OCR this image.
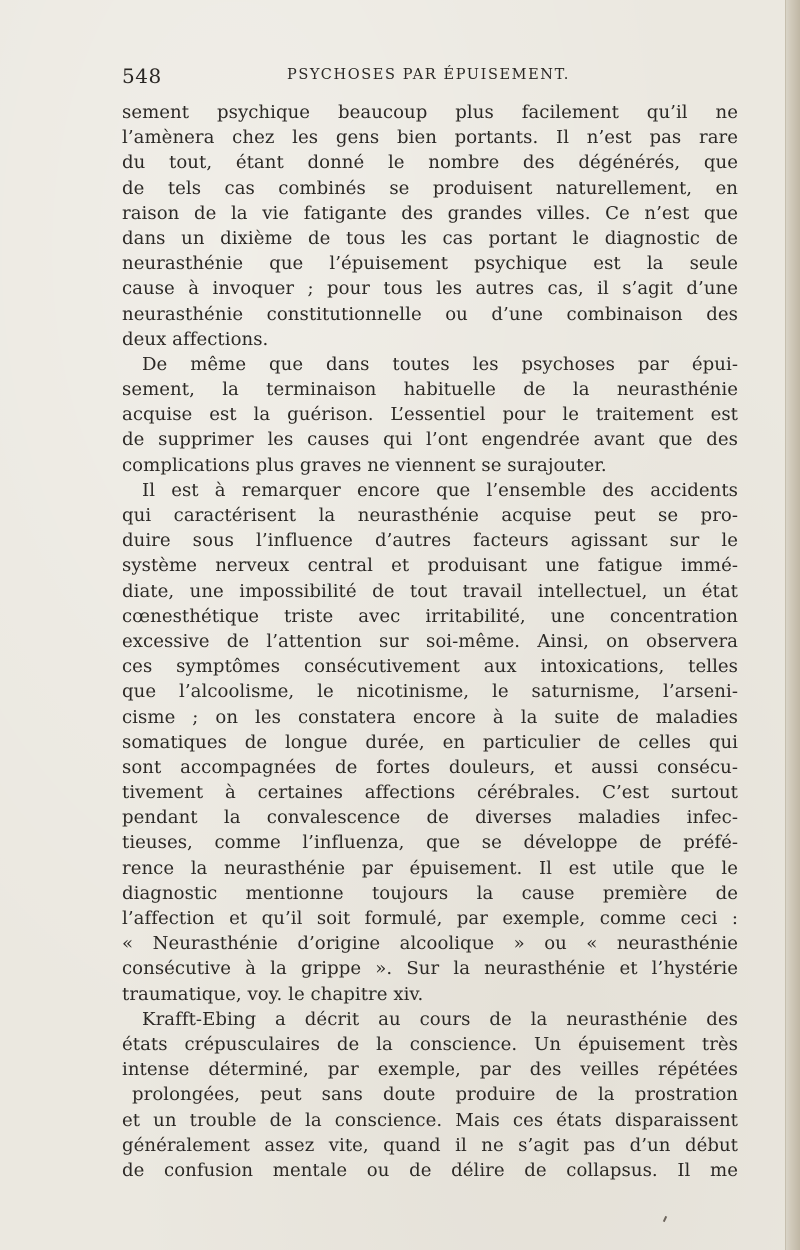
548	PSYCHOSES PAR ÉPUISEMENT.
sement psychique beaucoup plus facilement qu’il ne
l’amènera chez les gens bien portants. Il n’est pas rare
du tout, étant donné le nombre des dégénérés, que
de tels cas combinés se produisent naturellement, en
raison de la vie fatigante des grandes villes. Ce n’est que
dans un dixième de tous les cas portant le diagnostic de
neurasthénie que l’épuisement psychique est la seule
cause à invoquer ; pour tous les autres cas, il s’agit d’une
neurasthénie constitutionnelle ou d’une combinaison des
deux affections.
De même que dans toutes les psychoses par épui-
sement, la terminaison habituelle de la neurasthénie
acquise est la guérison. L’essentiel pour le traitement est
de supprimer les causes qui l’ont engendrée avant que des
complications plus graves ne viennent se surajouter.
Il est à remarquer encore que l’ensemble des accidents
qui caractérisent la neurasthénie acquise peut se pro-
duire sous l’influence d’autres facteurs agissant sur le
système nerveux central et produisant une fatigue immé-
diate, une impossibilité de tout travail intellectuel, un état
cœnesthétique triste avec irritabilité, une concentration
excessive de l’attention sur soi-même. Ainsi, on observera
ces symptômes consécutivement aux intoxications, telles
que l’alcoolisme, le nicotinisme, le saturnisme, l’arseni-
cisme ; on les constatera encore à la suite de maladies
somatiques de longue durée, en particulier de celles qui
sont accompagnées de fortes douleurs, et aussi consécu-
tivement à certaines affections cérébrales. C’est surtout
pendant la convalescence de diverses maladies infec-
tieuses, comme l’influenza, que se développe de préfé-
rence la neurasthénie par épuisement. Il est utile que le
diagnostic mentionne toujours la cause première de
l’affection et qu’il soit formulé, par exemple, comme ceci :
« Neurasthénie d’origine alcoolique » ou « neurasthénie
consécutive à la grippe ». Sur la neurasthénie et l’hystérie
traumatique, voy. le chapitre xiv.
Krafft-Ebing a décrit au cours de la neurasthénie des
états crépusculaires de la conscience. Un épuisement très
intense déterminé, par exemple, par des veilles répétées
prolongées, peut sans doute produire de la prostration
et un trouble de la conscience. Mais ces états disparaissent
généralement assez vite, quand il ne s’agit pas d’un début
de confusion mentale ou de délire de collapsus. Il me
